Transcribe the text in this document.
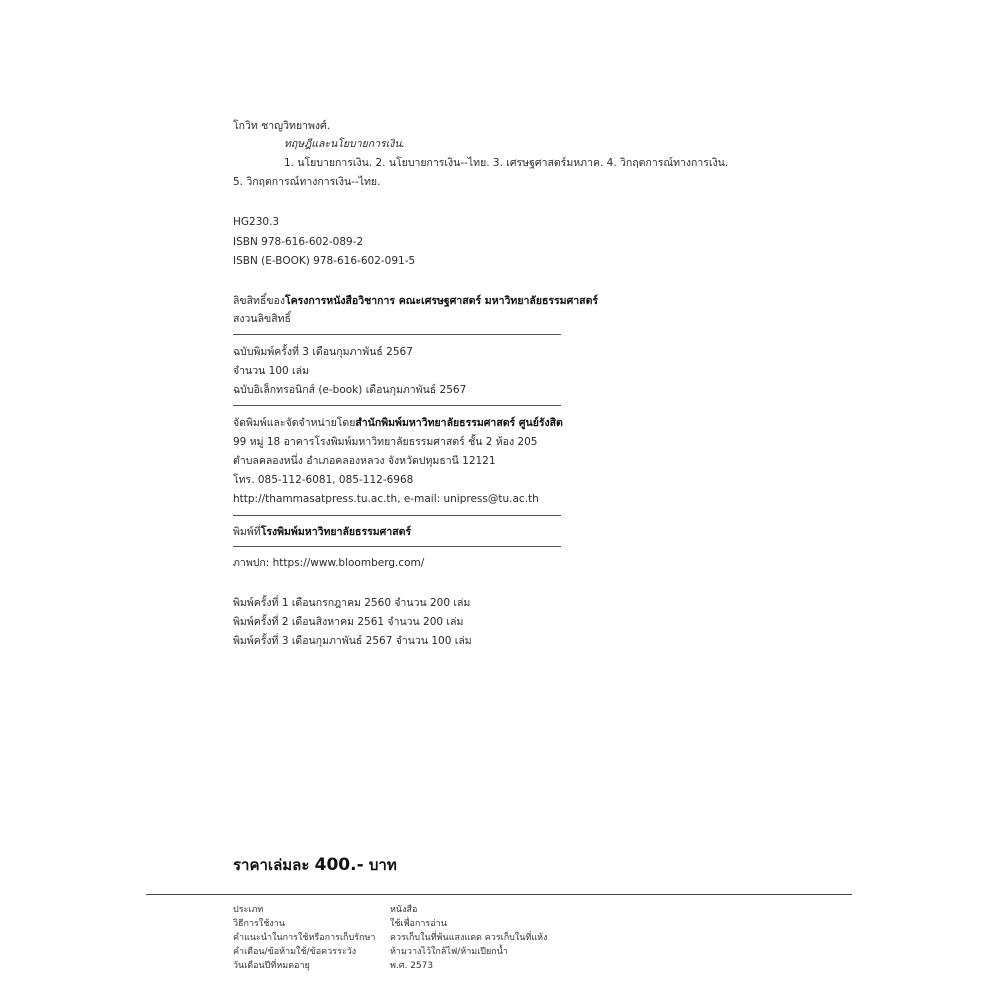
โกวิท ชาญวิทยาพงศ์.
ทฤษฎีและนโยบายการเงิน.
1. นโยบายการเงิน. 2. นโยบายการเงิน--ไทย. 3. เศรษฐศาสตร์มหภาค. 4. วิกฤตการณ์ทางการเงิน.
5. วิกฤตการณ์ทางการเงิน--ไทย.
HG230.3
ISBN 978-616-602-089-2
ISBN (E-BOOK) 978-616-602-091-5
ลิขสิทธิ์ของโครงการหนังสือวิชาการ คณะเศรษฐศาสตร์ มหาวิทยาลัยธรรมศาสตร์
สงวนลิขสิทธิ์
ฉบับพิมพ์ครั้งที่ 3 เดือนกุมภาพันธ์ 2567
จำนวน 100 เล่ม
ฉบับอิเล็กทรอนิกส์ (e-book) เดือนกุมภาพันธ์ 2567
จัดพิมพ์และจัดจำหน่ายโดยสำนักพิมพ์มหาวิทยาลัยธรรมศาสตร์ ศูนย์รังสิต
99 หมู่ 18 อาคารโรงพิมพ์มหาวิทยาลัยธรรมศาสตร์ ชั้น 2 ห้อง 205
ตำบลคลองหนึ่ง อำเภอคลองหลวง จังหวัดปทุมธานี 12121
โทร. 085-112-6081, 085-112-6968
http://thammasatpress.tu.ac.th, e-mail: unipress@tu.ac.th
พิมพ์ที่โรงพิมพ์มหาวิทยาลัยธรรมศาสตร์
ภาพปก: https://www.bloomberg.com/
พิมพ์ครั้งที่ 1 เดือนกรกฎาคม 2560 จำนวน 200 เล่ม
พิมพ์ครั้งที่ 2 เดือนสิงหาคม 2561 จำนวน 200 เล่ม
พิมพ์ครั้งที่ 3 เดือนกุมภาพันธ์ 2567 จำนวน 100 เล่ม
ราคาเล่มละ 400.- บาท
ประเภท
วิธีการใช้งาน
คำแนะนำในการใช้หรือการเก็บรักษา
คำเตือน/ข้อห้ามใช้/ข้อควรระวัง
วันเดือนปีที่หมดอายุ
หนังสือ
ใช้เพื่อการอ่าน
ควรเก็บในที่พ้นแสงแดด ควรเก็บในที่แห้ง
ห้ามวางไว้ใกล้ไฟ/ห้ามเปียกน้ำ
พ.ศ. 2573
